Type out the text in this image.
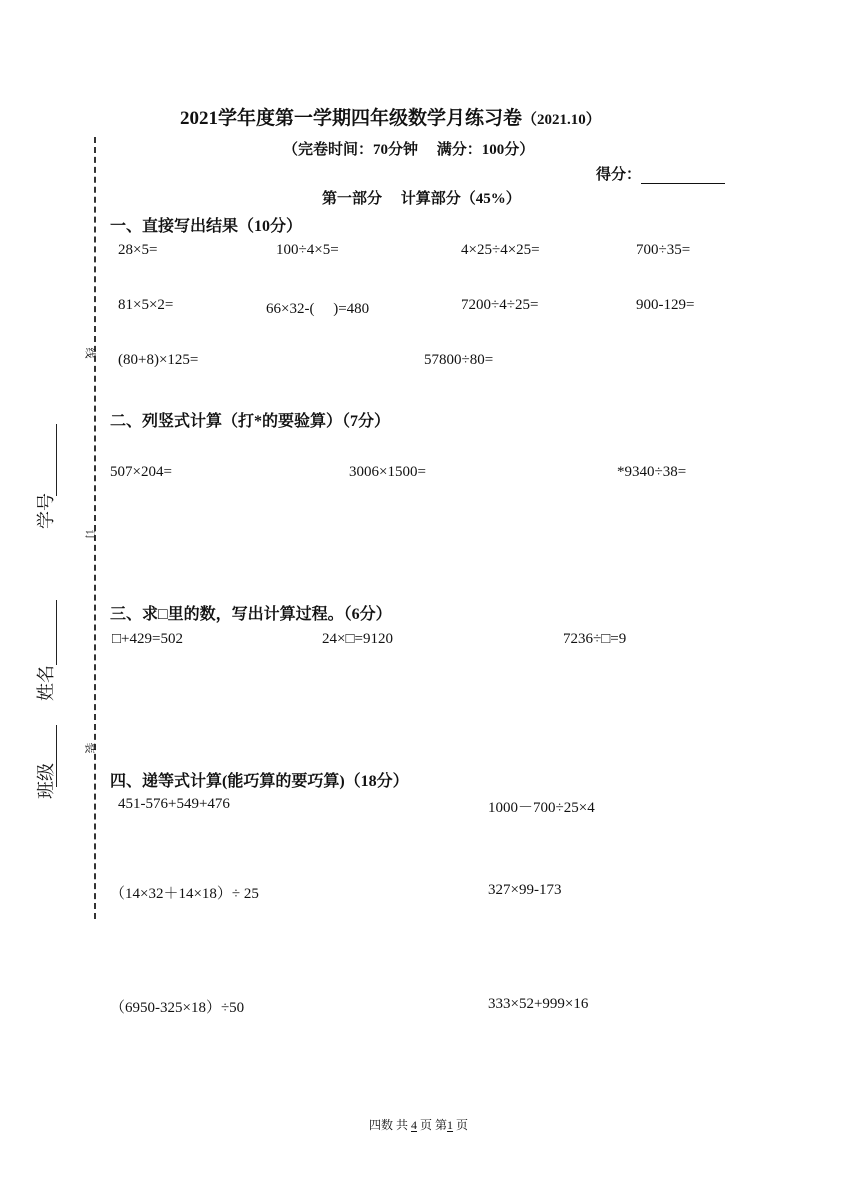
线
订
装
学号
姓名
班级
2021学年度第一学期四年级数学月练习卷（2021.10）
（完卷时间：70分钟　 满分：100分）
得分：
第一部分　 计算部分（45%）
一、直接写出结果（10分）
28×5=	100÷4×5=	4×25÷4×25=	700÷35=
81×5×2=	66×32-(　 )=480	7200÷4÷25=	900-129=
(80+8)×125=	57800÷80=
二、列竖式计算（打*的要验算）（7分）
507×204=	3006×1500=	*9340÷38=
三、求□里的数，写出计算过程。（6分）
□+429=502	24×□=9120	7236÷□=9
四、递等式计算(能巧算的要巧算)（18分）
451-576+549+476	1000－700÷25×4
（14×32＋14×18）÷ 25	327×99-173
（6950-325×18）÷50	333×52+999×16
四数 共 4 页 第1 页
